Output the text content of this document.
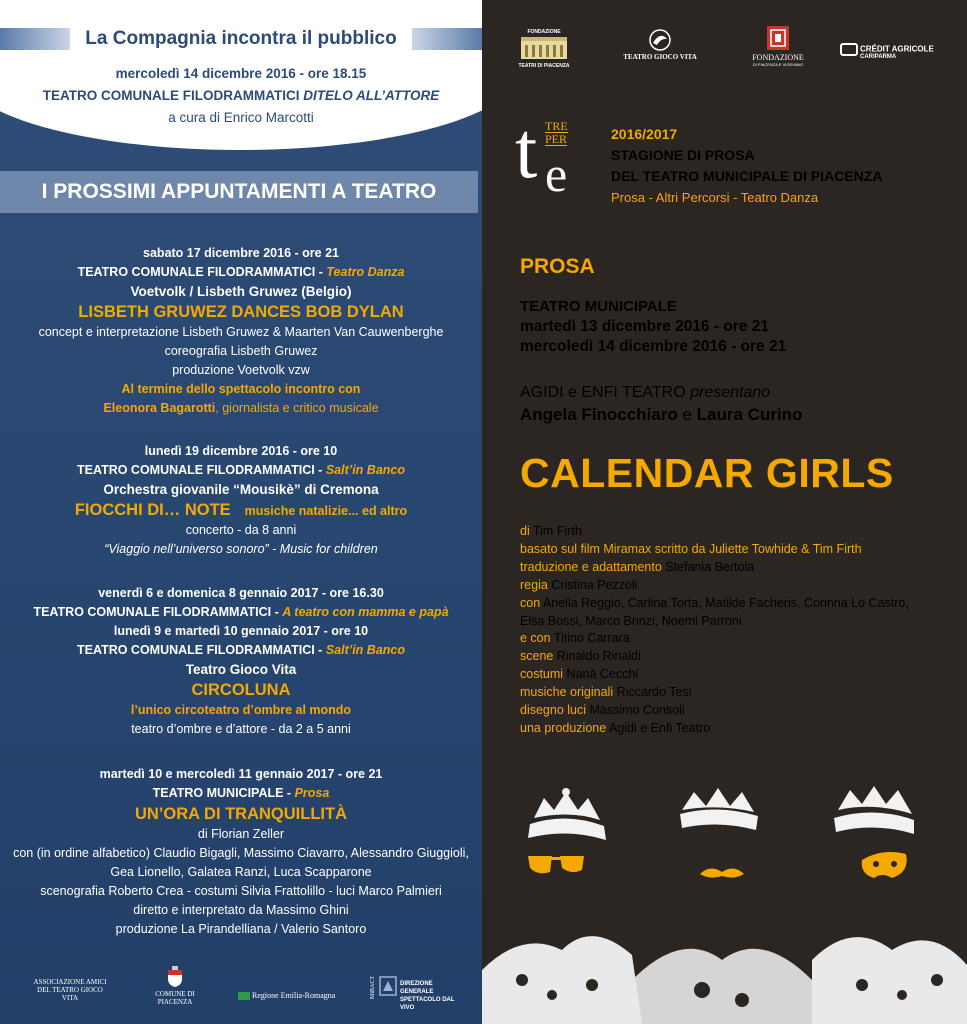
La Compagnia incontra il pubblico
mercoledì 14 dicembre 2016 - ore 18.15
TEATRO COMUNALE FILODRAMMATICI DITELO ALL’ATTORE
a cura di Enrico Marcotti
I PROSSIMI APPUNTAMENTI A TEATRO
sabato 17 dicembre 2016 - ore 21
TEATRO COMUNALE FILODRAMMATICI - Teatro Danza
Voetvolk / Lisbeth Gruwez (Belgio)
LISBETH GRUWEZ DANCES BOB DYLAN
concept e interpretazione Lisbeth Gruwez & Maarten Van Cauwenberghe
coreografia Lisbeth Gruwez
produzione Voetvolk vzw
Al termine dello spettacolo incontro con
Eleonora Bagarotti, giornalista e critico musicale
lunedì 19 dicembre 2016 - ore 10
TEATRO COMUNALE FILODRAMMATICI - Salt’in Banco
Orchestra giovanile “Mousikè” di Cremona
FIOCCHI DI… NOTE musiche natalizie... ed altro
concerto - da 8 anni
“Viaggio nell’universo sonoro” - Music for children
venerdì 6 e domenica 8 gennaio 2017 - ore 16.30
TEATRO COMUNALE FILODRAMMATICI - A teatro con mamma e papà
lunedì 9 e martedì 10 gennaio 2017 - ore 10
TEATRO COMUNALE FILODRAMMATICI - Salt’in Banco
Teatro Gioco Vita
CIRCOLUNA
l’unico circoteatro d’ombre al mondo
teatro d’ombre e d’attore - da 2 a 5 anni
martedì 10 e mercoledì 11 gennaio 2017 - ore 21
TEATRO MUNICIPALE - Prosa
UN’ORA DI TRANQUILLITÀ
di Florian Zeller
con (in ordine alfabetico) Claudio Bigagli, Massimo Ciavarro, Alessandro Giuggioli,
Gea Lionello, Galatea Ranzi, Luca Scapparone
scenografia Roberto Crea - costumi Silvia Frattolillo - luci Marco Palmieri
diretto e interpretato da Massimo Ghini
produzione La Pirandelliana / Valerio Santoro
ASSOCIAZIONE AMICI DEL TEATRO GIOCO VITA	COMUNE DI PIACENZA
Regione Emilia-Romagna	MiBACT	DIREZIONE GENERALE SPETTACOLO DAL VIVO
FONDAZIONE
TEATRI DI PIACENZA
TEATRO GIOCO VITA	FONDAZIONE
DI PIACENZA E VIGEVANO
CRÉDIT AGRICOLE
CARIPARMA
TRE
PER
t e
2016/2017
STAGIONE DI PROSA
DEL TEATRO MUNICIPALE DI PIACENZA
Prosa - Altri Percorsi - Teatro Danza
PROSA
TEATRO MUNICIPALE
martedì 13 dicembre 2016 - ore 21
mercoledì 14 dicembre 2016 - ore 21
AGIDI e ENFI TEATRO presentano
Angela Finocchiaro e Laura Curino
CALENDAR GIRLS
di Tim Firth
basato sul film Miramax scritto da Juliette Towhide & Tim Firth
traduzione e adattamento Stefania Bertola
regia Cristina Pezzoli
con Ariella Reggio, Carlina Torta, Matilde Facheris, Corinna Lo Castro,
Elsa Bossi, Marco Brinzi, Noemi Parroni
e con Titino Carrara
scene Rinaldo Rinaldi
costumi Nanà Cecchi
musiche originali Riccardo Tesi
disegno luci Massimo Consoli
una produzione Agidi e Enfi Teatro
